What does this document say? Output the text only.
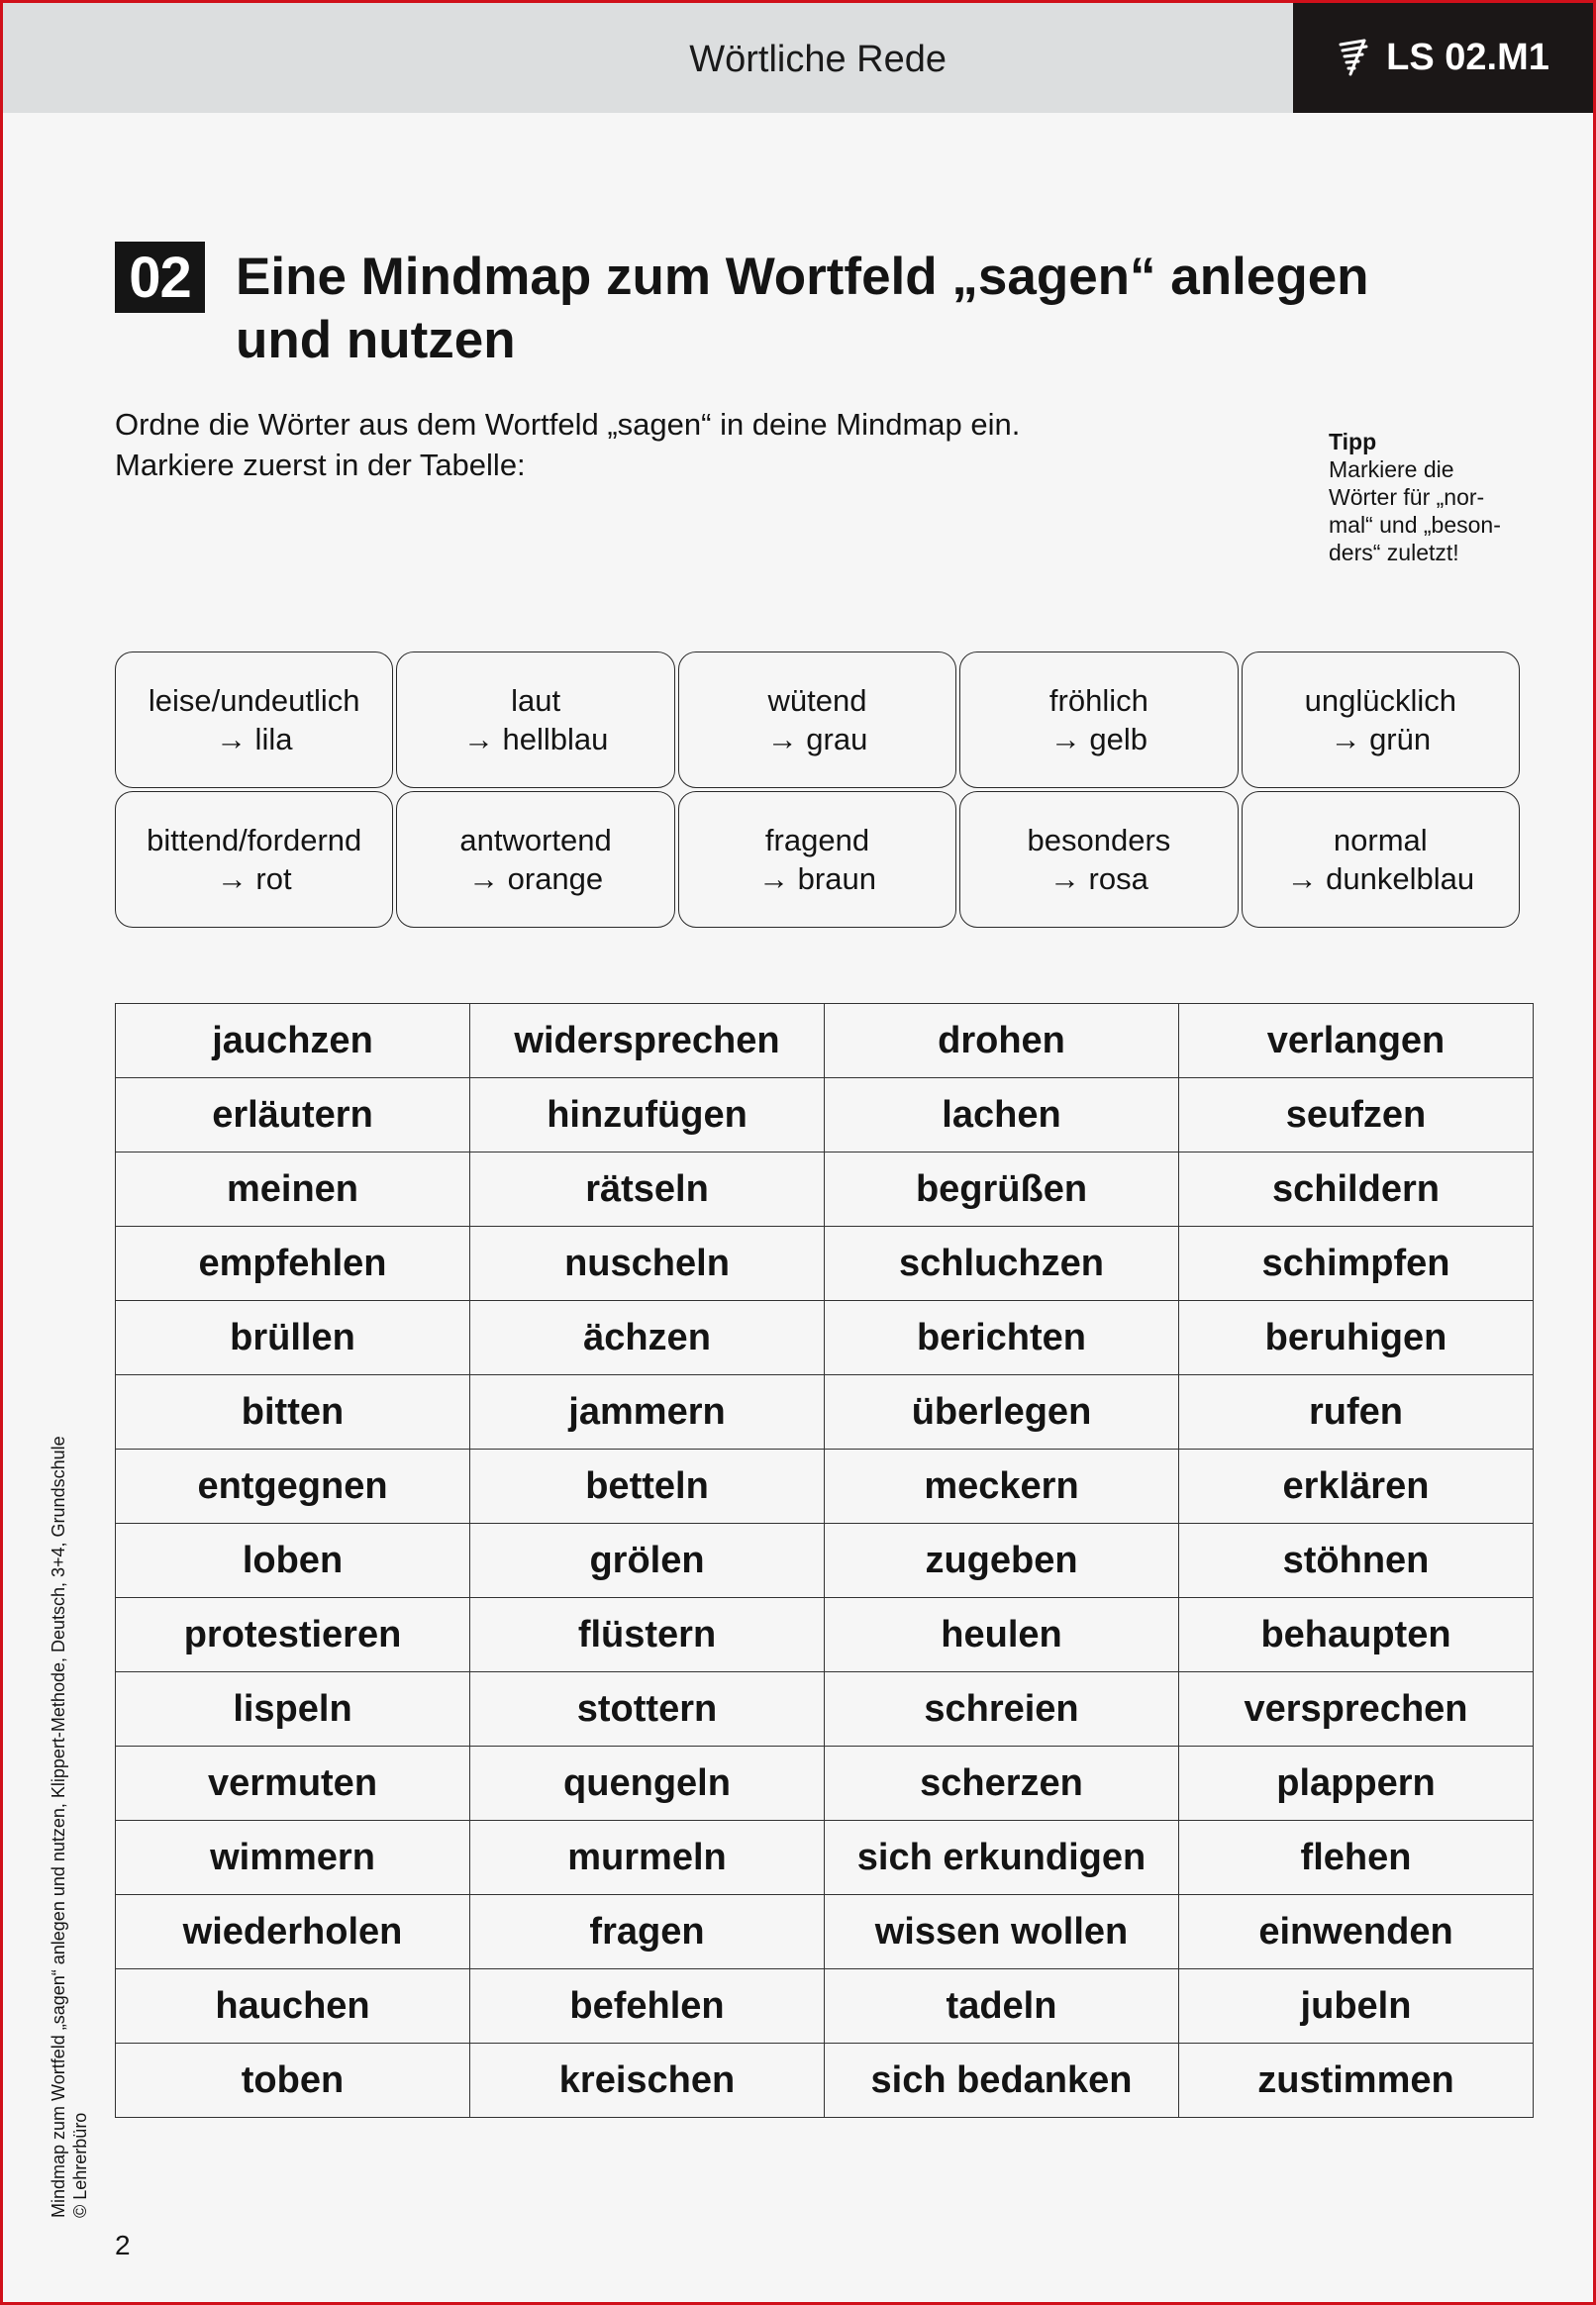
Wörtliche Rede	LS 02.M1
02 Eine Mindmap zum Wortfeld „sagen“ anlegen und nutzen
Ordne die Wörter aus dem Wortfeld „sagen“ in deine Mindmap ein.
Markiere zuerst in der Tabelle:
Tipp
Markiere die
Wörter für „nor-
mal“ und „beson-
ders“ zuletzt!
leise/undeutlich
→ lila
laut
→ hellblau
wütend
→ grau
fröhlich
→ gelb
unglücklich
→ grün
bittend/fordernd
→ rot
antwortend
→ orange
fragend
→ braun
besonders
→ rosa
normal
→ dunkelblau
jauchzen	widersprechen	drohen	verlangen
erläutern	hinzufügen	lachen	seufzen
meinen	rätseln	begrüßen	schildern
empfehlen	nuscheln	schluchzen	schimpfen
brüllen	ächzen	berichten	beruhigen
bitten	jammern	überlegen	rufen
entgegnen	betteln	meckern	erklären
loben	grölen	zugeben	stöhnen
protestieren	flüstern	heulen	behaupten
lispeln	stottern	schreien	versprechen
vermuten	quengeln	scherzen	plappern
wimmern	murmeln	sich erkundigen	flehen
wiederholen	fragen	wissen wollen	einwenden
hauchen	befehlen	tadeln	jubeln
toben	kreischen	sich bedanken	zustimmen
Mindmap zum Wortfeld „sagen“ anlegen und nutzen, Klippert-Methode, Deutsch, 3+4, Grundschule © Lehrerbüro
2
